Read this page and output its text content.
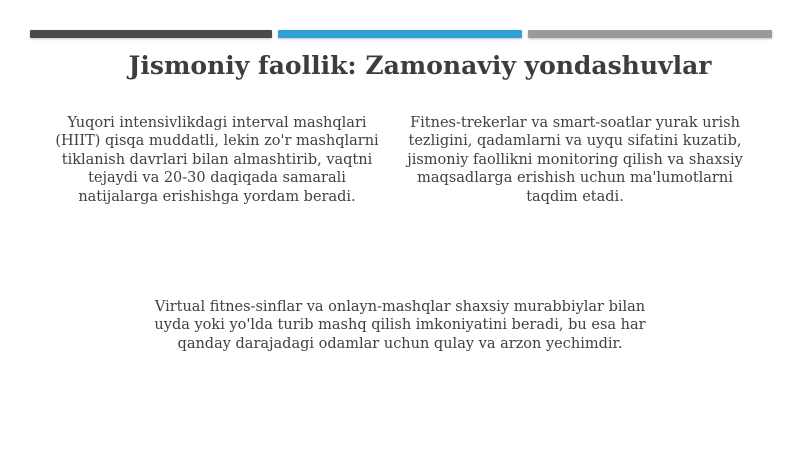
Jismoniy faollik: Zamonaviy yondashuvlar
Yuqori intensivlikdagi interval mashqlari (HIIT) qisqa muddatli, lekin zo'r mashqlarni tiklanish davrlari bilan almashtirib, vaqtni tejaydi va 20-30 daqiqada samarali natijalarga erishishga yordam beradi.
Fitnes-trekerlar va smart-soatlar yurak urish tezligini, qadamlarni va uyqu sifatini kuzatib, jismoniy faollikni monitoring qilish va shaxsiy maqsadlarga erishish uchun ma'lumotlarni taqdim etadi.
Virtual fitnes-sinflar va onlayn-mashqlar shaxsiy murabbiylar bilan uyda yoki yo'lda turib mashq qilish imkoniyatini beradi, bu esa har qanday darajadagi odamlar uchun qulay va arzon yechimdir.
